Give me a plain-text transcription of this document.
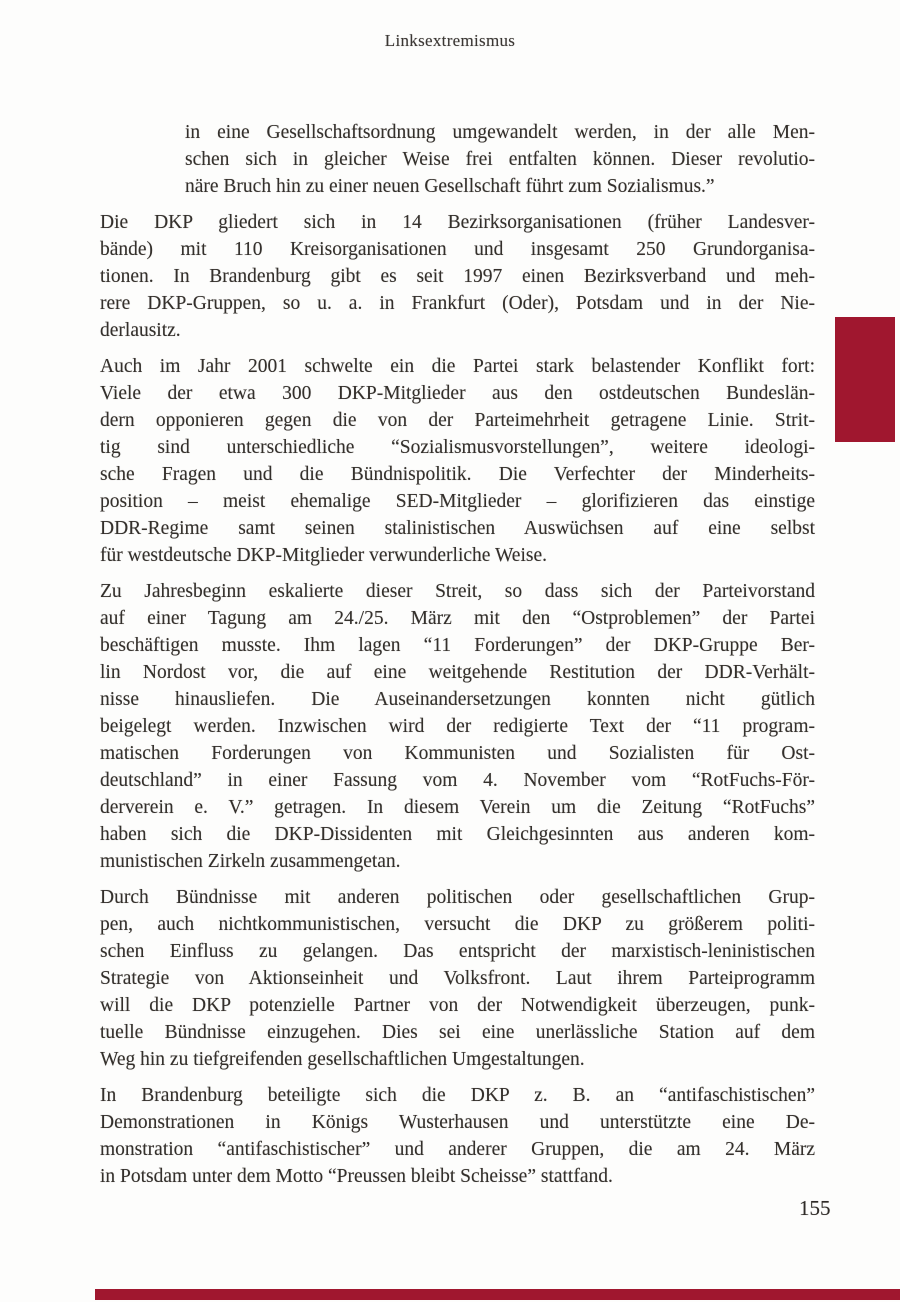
Linksextremismus
in eine Gesellschaftsordnung umgewandelt werden, in der alle Men-
schen sich in gleicher Weise frei entfalten können. Dieser revolutio-
näre Bruch hin zu einer neuen Gesellschaft führt zum Sozialismus.”
Die DKP gliedert sich in 14 Bezirksorganisationen (früher Landesver-
bände) mit 110 Kreisorganisationen und insgesamt 250 Grundorganisa-
tionen. In Brandenburg gibt es seit 1997 einen Bezirksverband und meh-
rere DKP-Gruppen, so u. a. in Frankfurt (Oder), Potsdam und in der Nie-
derlausitz.
Auch im Jahr 2001 schwelte ein die Partei stark belastender Konflikt fort:
Viele der etwa 300 DKP-Mitglieder aus den ostdeutschen Bundeslän-
dern opponieren gegen die von der Parteimehrheit getragene Linie. Strit-
tig sind unterschiedliche “Sozialismusvorstellungen”, weitere ideologi-
sche Fragen und die Bündnispolitik. Die Verfechter der Minderheits-
position – meist ehemalige SED-Mitglieder – glorifizieren das einstige
DDR-Regime samt seinen stalinistischen Auswüchsen auf eine selbst
für westdeutsche DKP-Mitglieder verwunderliche Weise.
Zu Jahresbeginn eskalierte dieser Streit, so dass sich der Parteivorstand
auf einer Tagung am 24./25. März mit den “Ostproblemen” der Partei
beschäftigen musste. Ihm lagen “11 Forderungen” der DKP-Gruppe Ber-
lin Nordost vor, die auf eine weitgehende Restitution der DDR-Verhält-
nisse hinausliefen. Die Auseinandersetzungen konnten nicht gütlich
beigelegt werden. Inzwischen wird der redigierte Text der “11 program-
matischen Forderungen von Kommunisten und Sozialisten für Ost-
deutschland” in einer Fassung vom 4. November vom “RotFuchs-För-
derverein e. V.” getragen. In diesem Verein um die Zeitung “RotFuchs”
haben sich die DKP-Dissidenten mit Gleichgesinnten aus anderen kom-
munistischen Zirkeln zusammengetan.
Durch Bündnisse mit anderen politischen oder gesellschaftlichen Grup-
pen, auch nichtkommunistischen, versucht die DKP zu größerem politi-
schen Einfluss zu gelangen. Das entspricht der marxistisch-leninistischen
Strategie von Aktionseinheit und Volksfront. Laut ihrem Parteiprogramm
will die DKP potenzielle Partner von der Notwendigkeit überzeugen, punk-
tuelle Bündnisse einzugehen. Dies sei eine unerlässliche Station auf dem
Weg hin zu tiefgreifenden gesellschaftlichen Umgestaltungen.
In Brandenburg beteiligte sich die DKP z. B. an “antifaschistischen”
Demonstrationen in Königs Wusterhausen und unterstützte eine De-
monstration “antifaschistischer” und anderer Gruppen, die am 24. März
in Potsdam unter dem Motto “Preussen bleibt Scheisse” stattfand.
155
